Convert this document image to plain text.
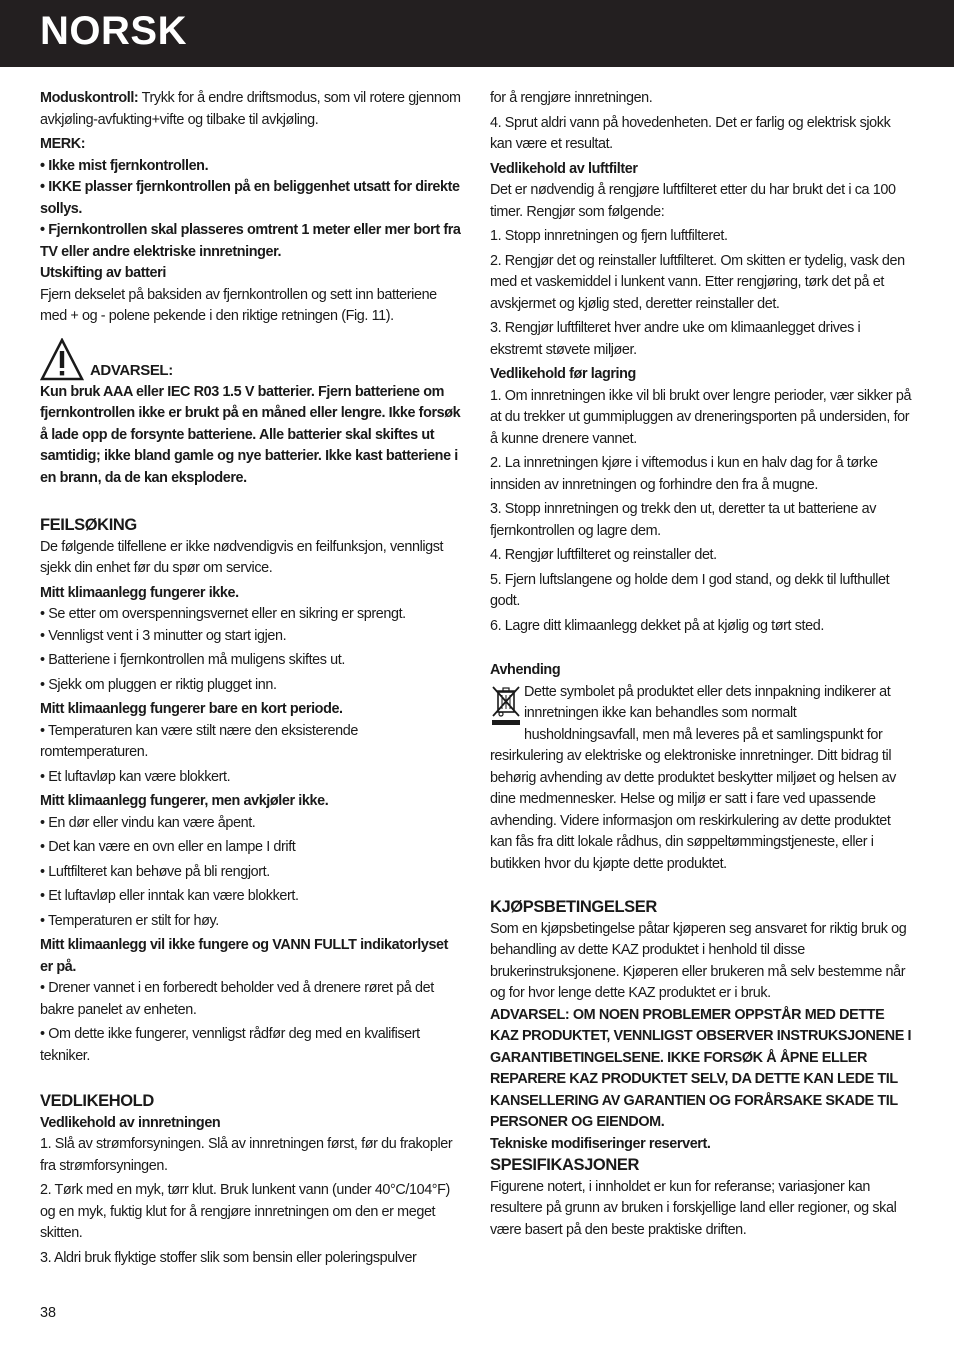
NORSK

Moduskontroll: Trykk for å endre driftsmodus, som vil rotere gjennom avkjøling-avfukting+vifte og tilbake til avkjøling.

MERK:

• Ikke mist fjernkontrollen.

• IKKE plasser fjernkontrollen på en beliggenhet utsatt for direkte sollys.

• Fjernkontrollen skal plasseres omtrent 1 meter eller mer bort fra TV eller andre elektriske innretninger.

Utskifting av batteri

Fjern dekselet på baksiden av fjernkontrollen og sett inn batteriene med + og - polene pekende i den riktige retningen (Fig. 11).

ADVARSEL:

Kun bruk AAA eller IEC R03 1.5 V batterier. Fjern batteriene om fjernkontrollen ikke er brukt på en måned eller lengre. Ikke forsøk å lade opp de forsynte batteriene. Alle batterier skal skiftes ut samtidig; ikke bland gamle og nye batterier. Ikke kast batteriene i en brann, da de kan eksplodere.

FEILSØKING

De følgende tilfellene er ikke nødvendigvis en feilfunksjon, vennligst sjekk din enhet før du spør om service.

Mitt klimaanlegg fungerer ikke.

• Se etter om overspenningsvernet eller en sikring er sprengt.

• Vennligst vent i 3 minutter og start igjen.

• Batteriene i fjernkontrollen må muligens skiftes ut.

• Sjekk om pluggen er riktig plugget inn.

Mitt klimaanlegg fungerer bare en kort periode.

• Temperaturen kan være stilt nære den eksisterende romtemperaturen.

• Et luftavløp kan være blokkert.

Mitt klimaanlegg fungerer, men avkjøler ikke.

• En dør eller vindu kan være åpent.

• Det kan være en ovn eller en lampe I drift

• Luftfilteret kan behøve på bli rengjort.

• Et luftavløp eller inntak kan være blokkert.

• Temperaturen er stilt for høy.

Mitt klimaanlegg vil ikke fungere og VANN FULLT indikatorlyset er på.

• Drener vannet i en forberedt beholder ved å drenere røret på det bakre panelet av enheten.

• Om dette ikke fungerer, vennligst rådfør deg med en kvalifisert tekniker.

VEDLIKEHOLD

Vedlikehold av innretningen

1. Slå av strømforsyningen. Slå av innretningen først, før du frakopler fra strømforsyningen.

2. Tørk med en myk, tørr klut. Bruk lunkent vann (under 40°C/104°F) og en myk, fuktig klut for å rengjøre innretningen om den er meget skitten.

3. Aldri bruk flyktige stoffer slik som bensin eller poleringspulver

for å rengjøre innretningen.

4. Sprut aldri vann på hovedenheten. Det er farlig og elektrisk sjokk kan være et resultat.

Vedlikehold av luftfilter

Det er nødvendig å rengjøre luftfilteret etter du har brukt det i ca 100 timer. Rengjør som følgende:

1. Stopp innretningen og fjern luftfilteret.

2. Rengjør det og reinstaller luftfilteret. Om skitten er tydelig, vask den med et vaskemiddel i lunkent vann. Etter rengjøring, tørk det på et avskjermet og kjølig sted, deretter reinstaller det.

3. Rengjør luftfilteret hver andre uke om klimaanlegget drives i ekstremt støvete miljøer.

Vedlikehold før lagring

1. Om innretningen ikke vil bli brukt over lengre perioder, vær sikker på at du trekker ut gummipluggen av dreneringsporten på undersiden, for å kunne drenere vannet.

2. La innretningen kjøre i viftemodus i kun en halv dag for å tørke innsiden av innretningen og forhindre den fra å mugne.

3. Stopp innretningen og trekk den ut, deretter ta ut batteriene av fjernkontrollen og lagre dem.

4. Rengjør luftfilteret og reinstaller det.

5. Fjern luftslangene og holde dem I god stand, og dekk til lufthullet godt.

6. Lagre ditt klimaanlegg dekket på at kjølig og tørt sted.

Avhending

Dette symbolet på produktet eller dets innpakning indikerer at innretningen ikke kan behandles som normalt husholdningsavfall, men må leveres på et samlingspunkt for resirkulering av elektriske og elektroniske innretninger. Ditt bidrag til behørig avhending av dette produktet beskytter miljøet og helsen av dine medmennesker. Helse og miljø er satt i fare ved upassende avhending. Videre informasjon om reskirkulering av dette produktet kan fås fra ditt lokale rådhus, din søppeltømmingstjeneste, eller i butikken hvor du kjøpte dette produktet.

KJØPSBETINGELSER

Som en kjøpsbetingelse påtar kjøperen seg ansvaret for riktig bruk og behandling av dette KAZ produktet i henhold til disse brukerinstruksjonene. Kjøperen eller brukeren må selv bestemme når og for hvor lenge dette KAZ produktet er i bruk.

ADVARSEL: OM NOEN PROBLEMER OPPSTÅR MED DETTE KAZ PRODUKTET, VENNLIGST OBSERVER INSTRUKSJONENE I GARANTIBETINGELSENE. IKKE FORSØK Å ÅPNE ELLER REPARERE KAZ PRODUKTET SELV, DA DETTE KAN LEDE TIL KANSELLERING AV GARANTIEN OG FORÅRSAKE SKADE TIL PERSONER OG EIENDOM.

Tekniske modifiseringer reservert.

SPESIFIKASJONER

Figurene notert, i innholdet er kun for referanse; variasjoner kan resultere på grunn av bruken i forskjellige land eller regioner, og skal være basert på den beste praktiske driften.

38
